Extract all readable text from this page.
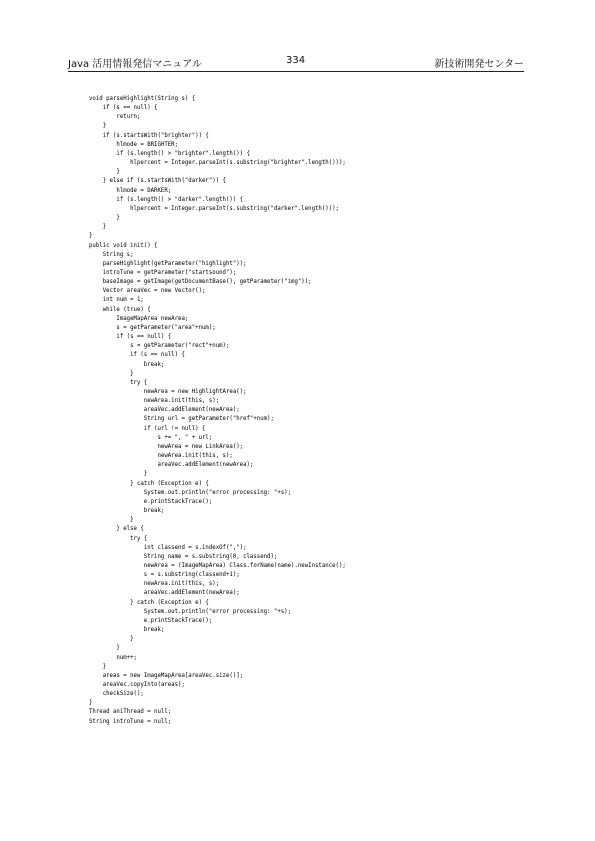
Java 活用情報発信マニュアル	334	新技術開発センター
void parseHighlight(String s) {
if (s == null) {
return;
}
if (s.startsWith("brighter")) {
hlmode = BRIGHTER;
if (s.length() > "brighter".length()) {
hlpercent = Integer.parseInt(s.substring("brighter".length()));
}
} else if (s.startsWith("darker")) {
hlmode = DARKER;
if (s.length() > "darker".length()) {
hlpercent = Integer.parseInt(s.substring("darker".length()));
}
}
}
public void init() {
String s;
parseHighlight(getParameter("highlight"));
introTune = getParameter("startsound");
baseImage = getImage(getDocumentBase(), getParameter("img"));
Vector areaVec = new Vector();
int num = 1;
while (true) {
ImageMapArea newArea;
s = getParameter("area"+num);
if (s == null) {
s = getParameter("rect"+num);
if (s == null) {
break;
}
try {
newArea = new HighlightArea();
newArea.init(this, s);
areaVec.addElement(newArea);
String url = getParameter("href"+num);
if (url != null) {
s += ", " + url;
newArea = new LinkArea();
newArea.init(this, s);
areaVec.addElement(newArea);
}
} catch (Exception e) {
System.out.println("error processing: "+s);
e.printStackTrace();
break;
}
} else {
try {
int classend = s.indexOf(",");
String name = s.substring(0, classend);
newArea = (ImageMapArea) Class.forName(name).newInstance();
s = s.substring(classend+1);
newArea.init(this, s);
areaVec.addElement(newArea);
} catch (Exception e) {
System.out.println("error processing: "+s);
e.printStackTrace();
break;
}
}
num++;
}
areas = new ImageMapArea[areaVec.size()];
areaVec.copyInto(areas);
checkSize();
}
Thread aniThread = null;
String introTune = null;
